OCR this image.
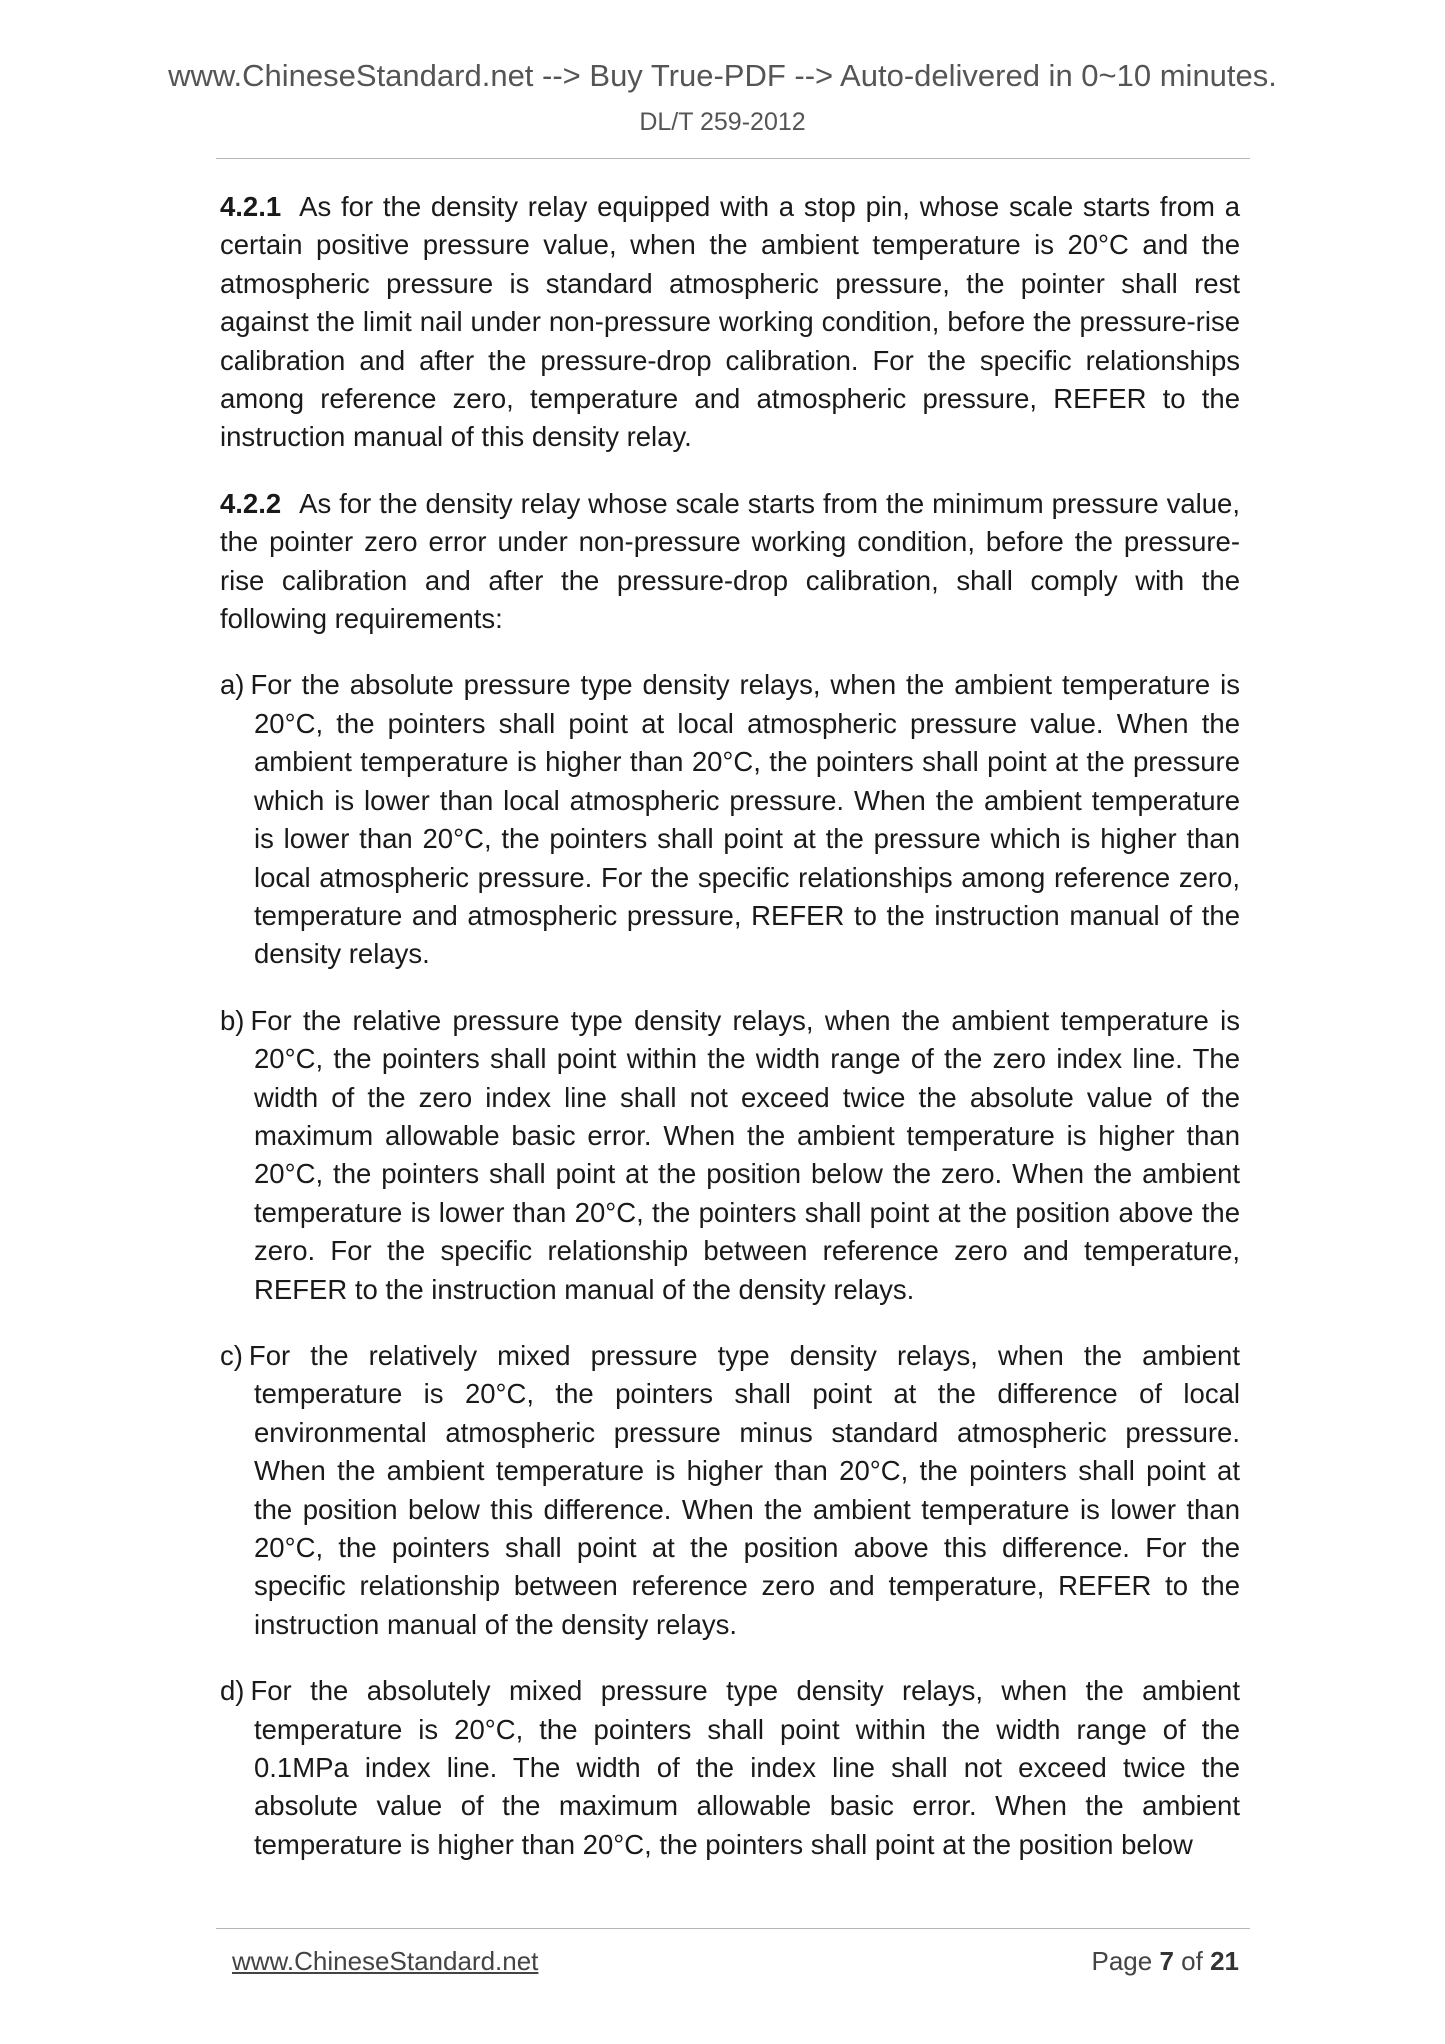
www.ChineseStandard.net --> Buy True-PDF --> Auto-delivered in 0~10 minutes.
DL/T 259-2012

4.2.1 As for the density relay equipped with a stop pin, whose scale starts from a certain positive pressure value, when the ambient temperature is 20°C and the atmospheric pressure is standard atmospheric pressure, the pointer shall rest against the limit nail under non-pressure working condition, before the pressure-rise calibration and after the pressure-drop calibration. For the specific relationships among reference zero, temperature and atmospheric pressure, REFER to the instruction manual of this density relay.

4.2.2 As for the density relay whose scale starts from the minimum pressure value, the pointer zero error under non-pressure working condition, before the pressure-rise calibration and after the pressure-drop calibration, shall comply with the following requirements:

a) For the absolute pressure type density relays, when the ambient temperature is 20°C, the pointers shall point at local atmospheric pressure value. When the ambient temperature is higher than 20°C, the pointers shall point at the pressure which is lower than local atmospheric pressure. When the ambient temperature is lower than 20°C, the pointers shall point at the pressure which is higher than local atmospheric pressure. For the specific relationships among reference zero, temperature and atmospheric pressure, REFER to the instruction manual of the density relays.

b) For the relative pressure type density relays, when the ambient temperature is 20°C, the pointers shall point within the width range of the zero index line. The width of the zero index line shall not exceed twice the absolute value of the maximum allowable basic error. When the ambient temperature is higher than 20°C, the pointers shall point at the position below the zero. When the ambient temperature is lower than 20°C, the pointers shall point at the position above the zero. For the specific relationship between reference zero and temperature, REFER to the instruction manual of the density relays.

c) For the relatively mixed pressure type density relays, when the ambient temperature is 20°C, the pointers shall point at the difference of local environmental atmospheric pressure minus standard atmospheric pressure. When the ambient temperature is higher than 20°C, the pointers shall point at the position below this difference. When the ambient temperature is lower than 20°C, the pointers shall point at the position above this difference. For the specific relationship between reference zero and temperature, REFER to the instruction manual of the density relays.

d) For the absolutely mixed pressure type density relays, when the ambient temperature is 20°C, the pointers shall point within the width range of the 0.1MPa index line. The width of the index line shall not exceed twice the absolute value of the maximum allowable basic error. When the ambient temperature is higher than 20°C, the pointers shall point at the position below

www.ChineseStandard.net	Page 7 of 21
